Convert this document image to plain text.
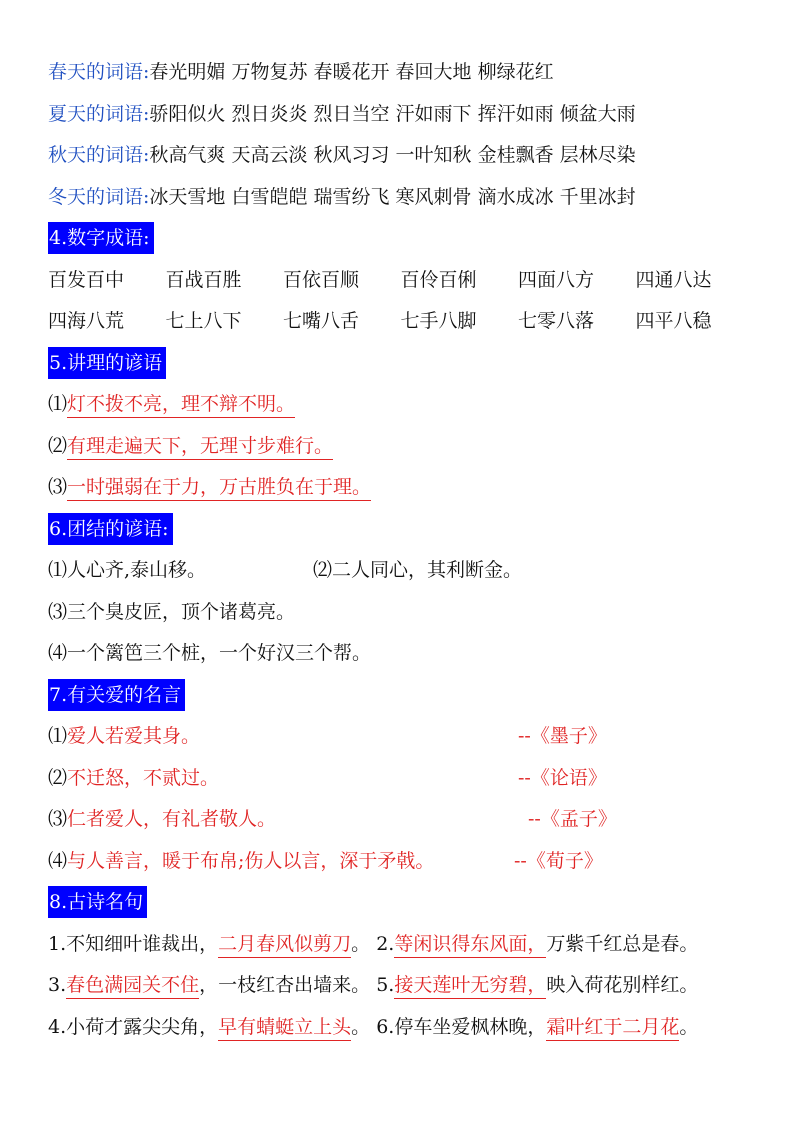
春天的词语:春光明媚 万物复苏 春暖花开 春回大地 柳绿花红
夏天的词语:骄阳似火 烈日炎炎 烈日当空 汗如雨下 挥汗如雨 倾盆大雨
秋天的词语:秋高气爽 天高云淡 秋风习习 一叶知秋 金桂飘香 层林尽染
冬天的词语:冰天雪地 白雪皑皑 瑞雪纷飞 寒风刺骨 滴水成冰 千里冰封
4.数字成语:
百发百中	百战百胜	百依百顺	百伶百俐	四面八方	四通八达
四海八荒	七上八下	七嘴八舌	七手八脚	七零八落	四平八稳
5.讲理的谚语
⑴灯不拨不亮，理不辩不明。
⑵有理走遍天下，无理寸步难行。
⑶一时强弱在于力，万古胜负在于理。
6.团结的谚语:
⑴人心齐,泰山移。	⑵二人同心，其利断金。
⑶三个臭皮匠，顶个诸葛亮。
⑷一个篱笆三个桩，一个好汉三个帮。
7.有关爱的名言
⑴爱人若爱其身。	--《墨子》
⑵不迁怒，不贰过。	--《论语》
⑶仁者爱人，有礼者敬人。	--《孟子》
⑷与人善言，暖于布帛;伤人以言，深于矛戟。	--《荀子》
8.古诗名句
1.不知细叶谁裁出，二月春风似剪刀。 2.等闲识得东风面，万紫千红总是春。
3.春色满园关不住，一枝红杏出墙来。 5.接天莲叶无穷碧，映入荷花别样红。
4.小荷才露尖尖角，早有蜻蜓立上头。 6.停车坐爱枫林晚，霜叶红于二月花。
